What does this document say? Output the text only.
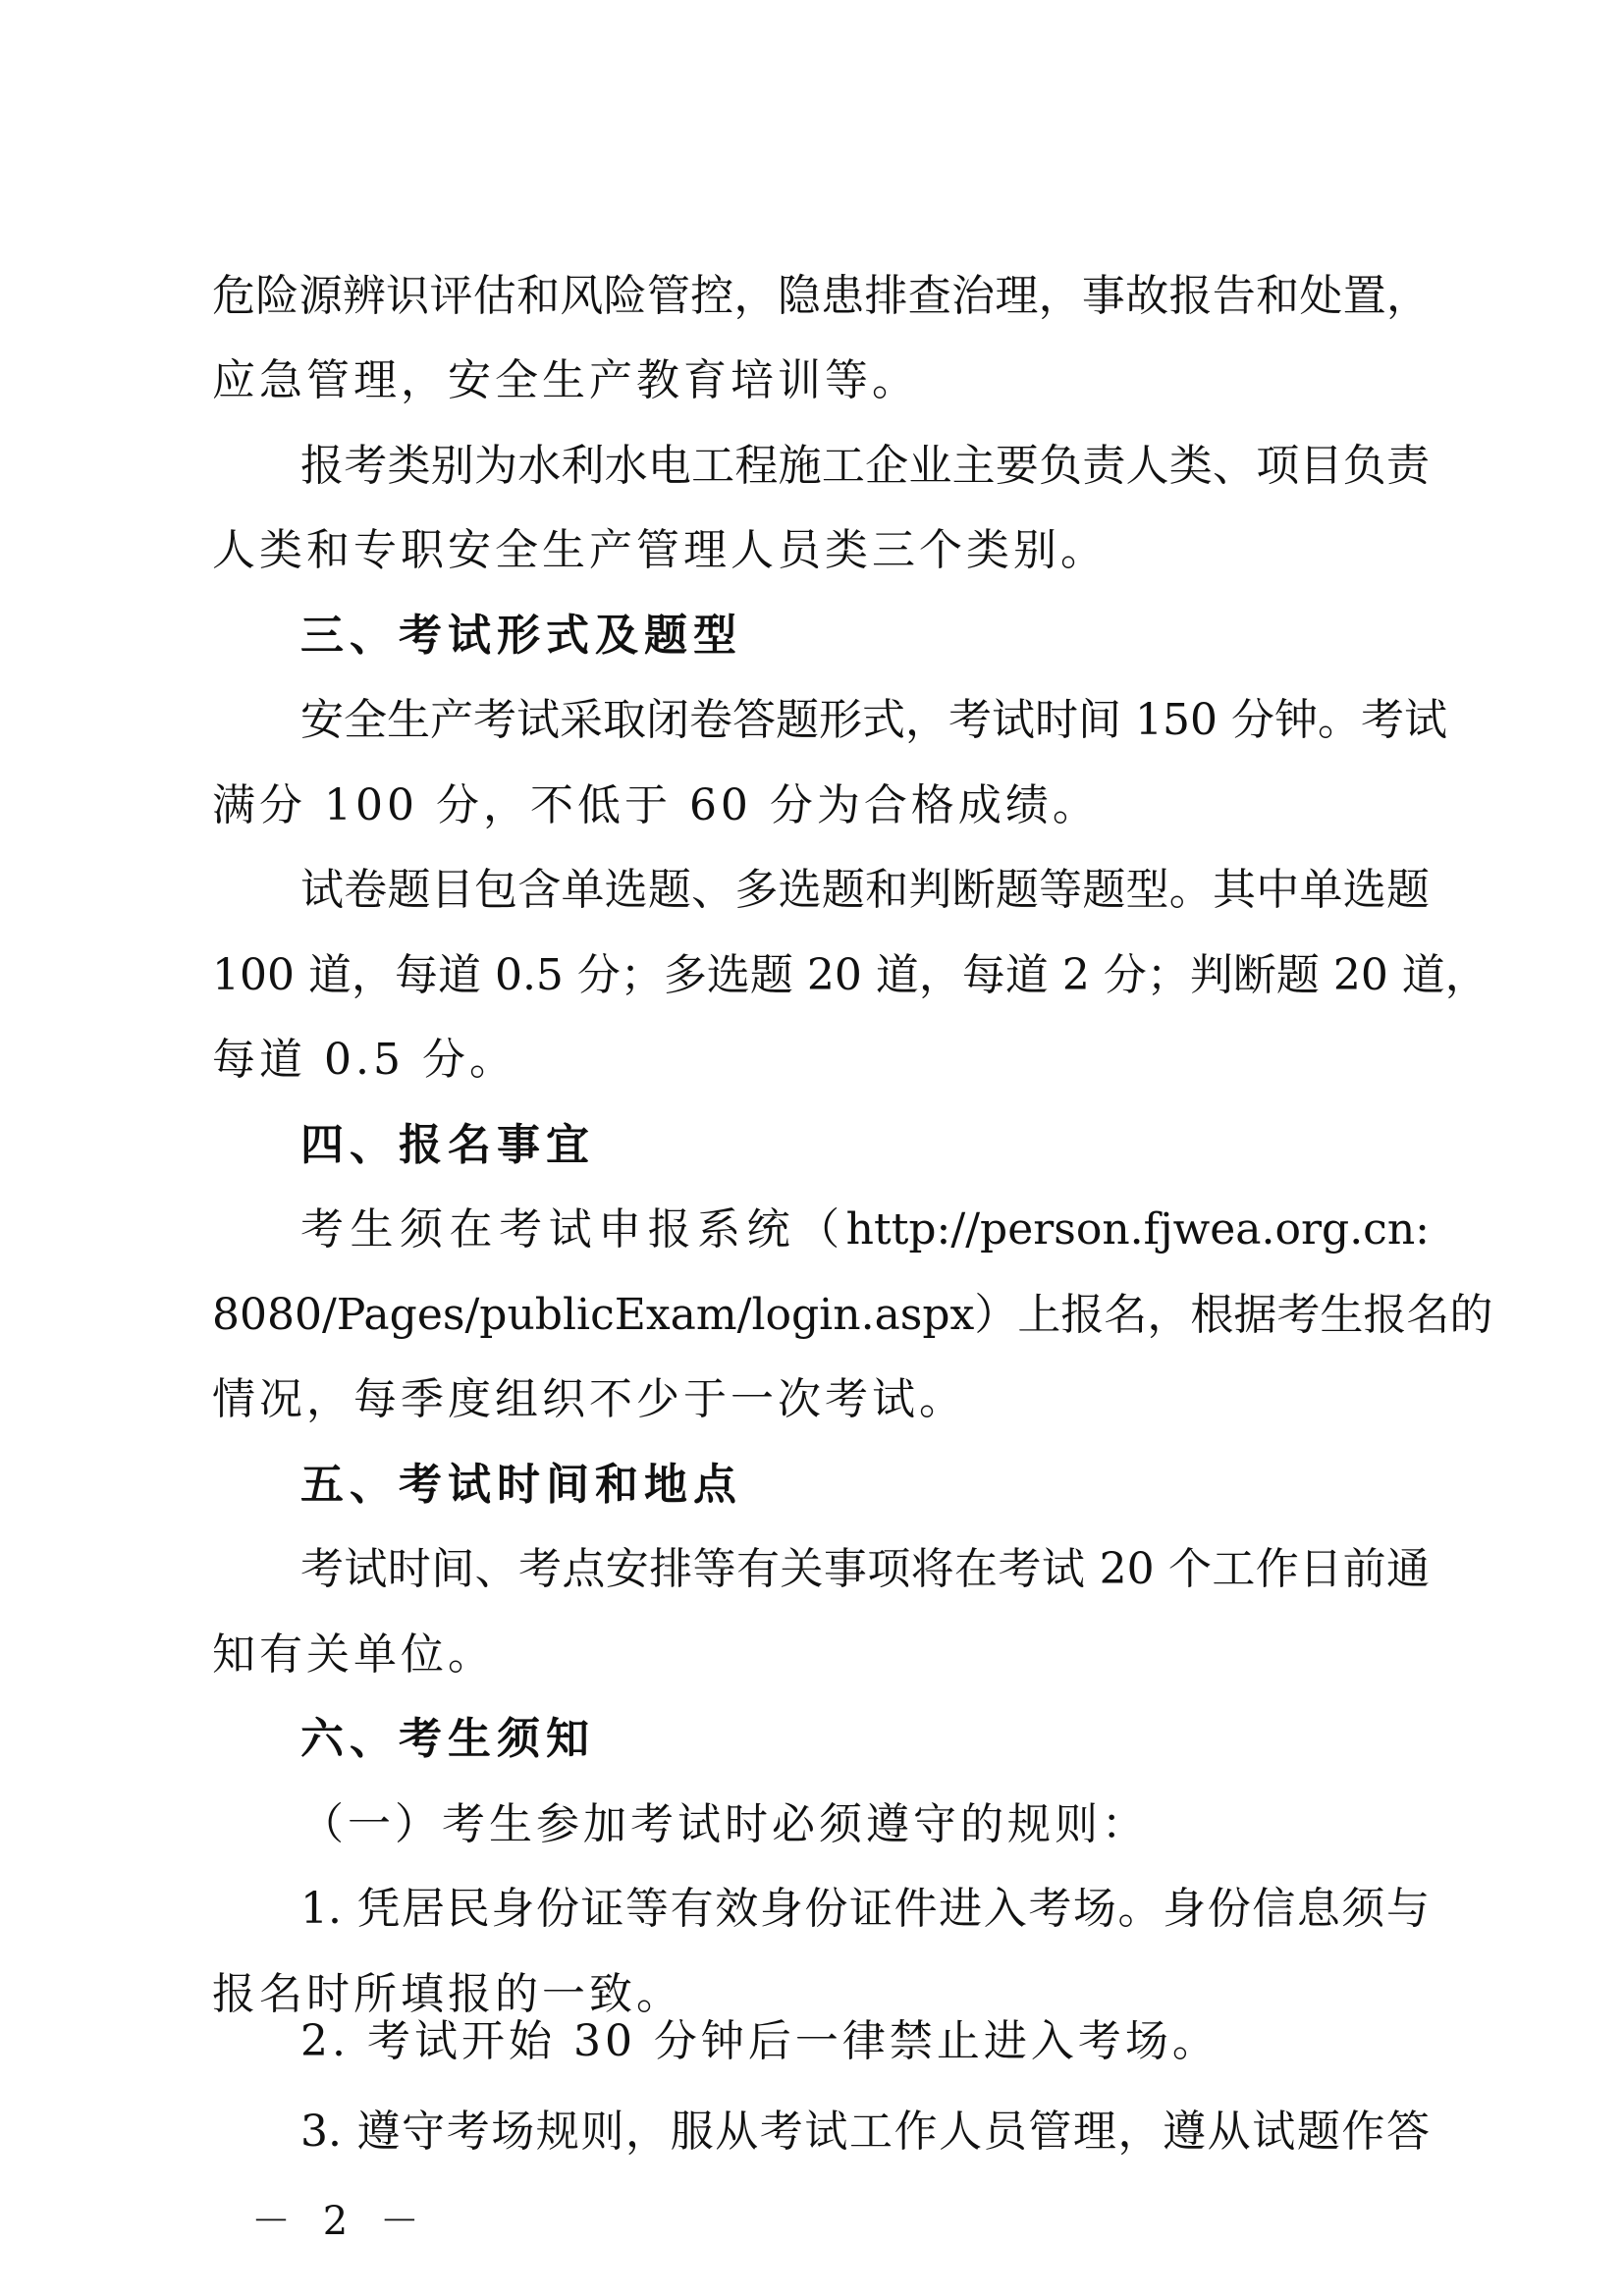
危险源辨识评估和风险管控，隐患排查治理，事故报告和处置，
应急管理，安全生产教育培训等。
报考类别为水利水电工程施工企业主要负责人类、项目负责
人类和专职安全生产管理人员类三个类别。
三、考试形式及题型
安全生产考试采取闭卷答题形式，考试时间 150 分钟。考试
满分 100 分，不低于 60 分为合格成绩。
试卷题目包含单选题、多选题和判断题等题型。其中单选题
100 道，每道 0.5 分；多选题 20 道，每道 2 分；判断题 20 道，
每道 0.5 分。
四、报名事宜
考生须在考试申报系统（http://person.fjwea.org.cn:
8080/Pages/publicExam/login.aspx）上报名，根据考生报名的
情况，每季度组织不少于一次考试。
五、考试时间和地点
考试时间、考点安排等有关事项将在考试 20 个工作日前通
知有关单位。
六、考生须知
（一）考生参加考试时必须遵守的规则：
1. 凭居民身份证等有效身份证件进入考场。身份信息须与
报名时所填报的一致。
2. 考试开始 30 分钟后一律禁止进入考场。
3. 遵守考场规则，服从考试工作人员管理，遵从试题作答
－ 2 －
